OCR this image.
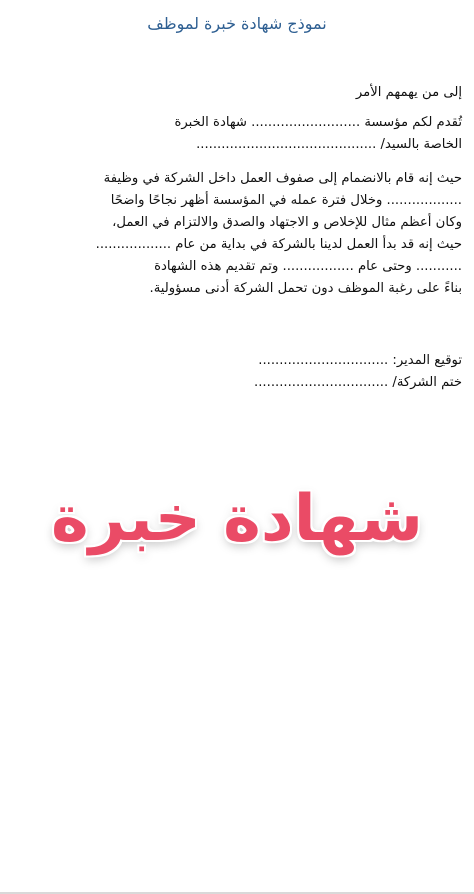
نموذج شهادة خبرة لموظف
إلى من يهمهم الأمر
تُقدم لكم مؤسسة .......................... شهادة الخبرة
الخاصة بالسيد/ ...........................................
حيث إنه قام بالانضمام إلى صفوف العمل داخل الشركة في وظيفة
.................. وخلال فترة عمله في المؤسسة أظهر نجاحًا واضحًا
وكان أعظم مثال للإخلاص و الاجتهاد والصدق والالتزام في العمل،
حيث إنه قد بدأ العمل لدينا بالشركة في بداية من عام ..................
........... وحتى عام ................. وتم تقديم هذه الشهادة
بناءً على رغبة الموظف دون تحمل الشركة أدنى مسؤولية.
توقيع المدير: ...............................
ختم الشركة/ ................................
شهادة خبرة
